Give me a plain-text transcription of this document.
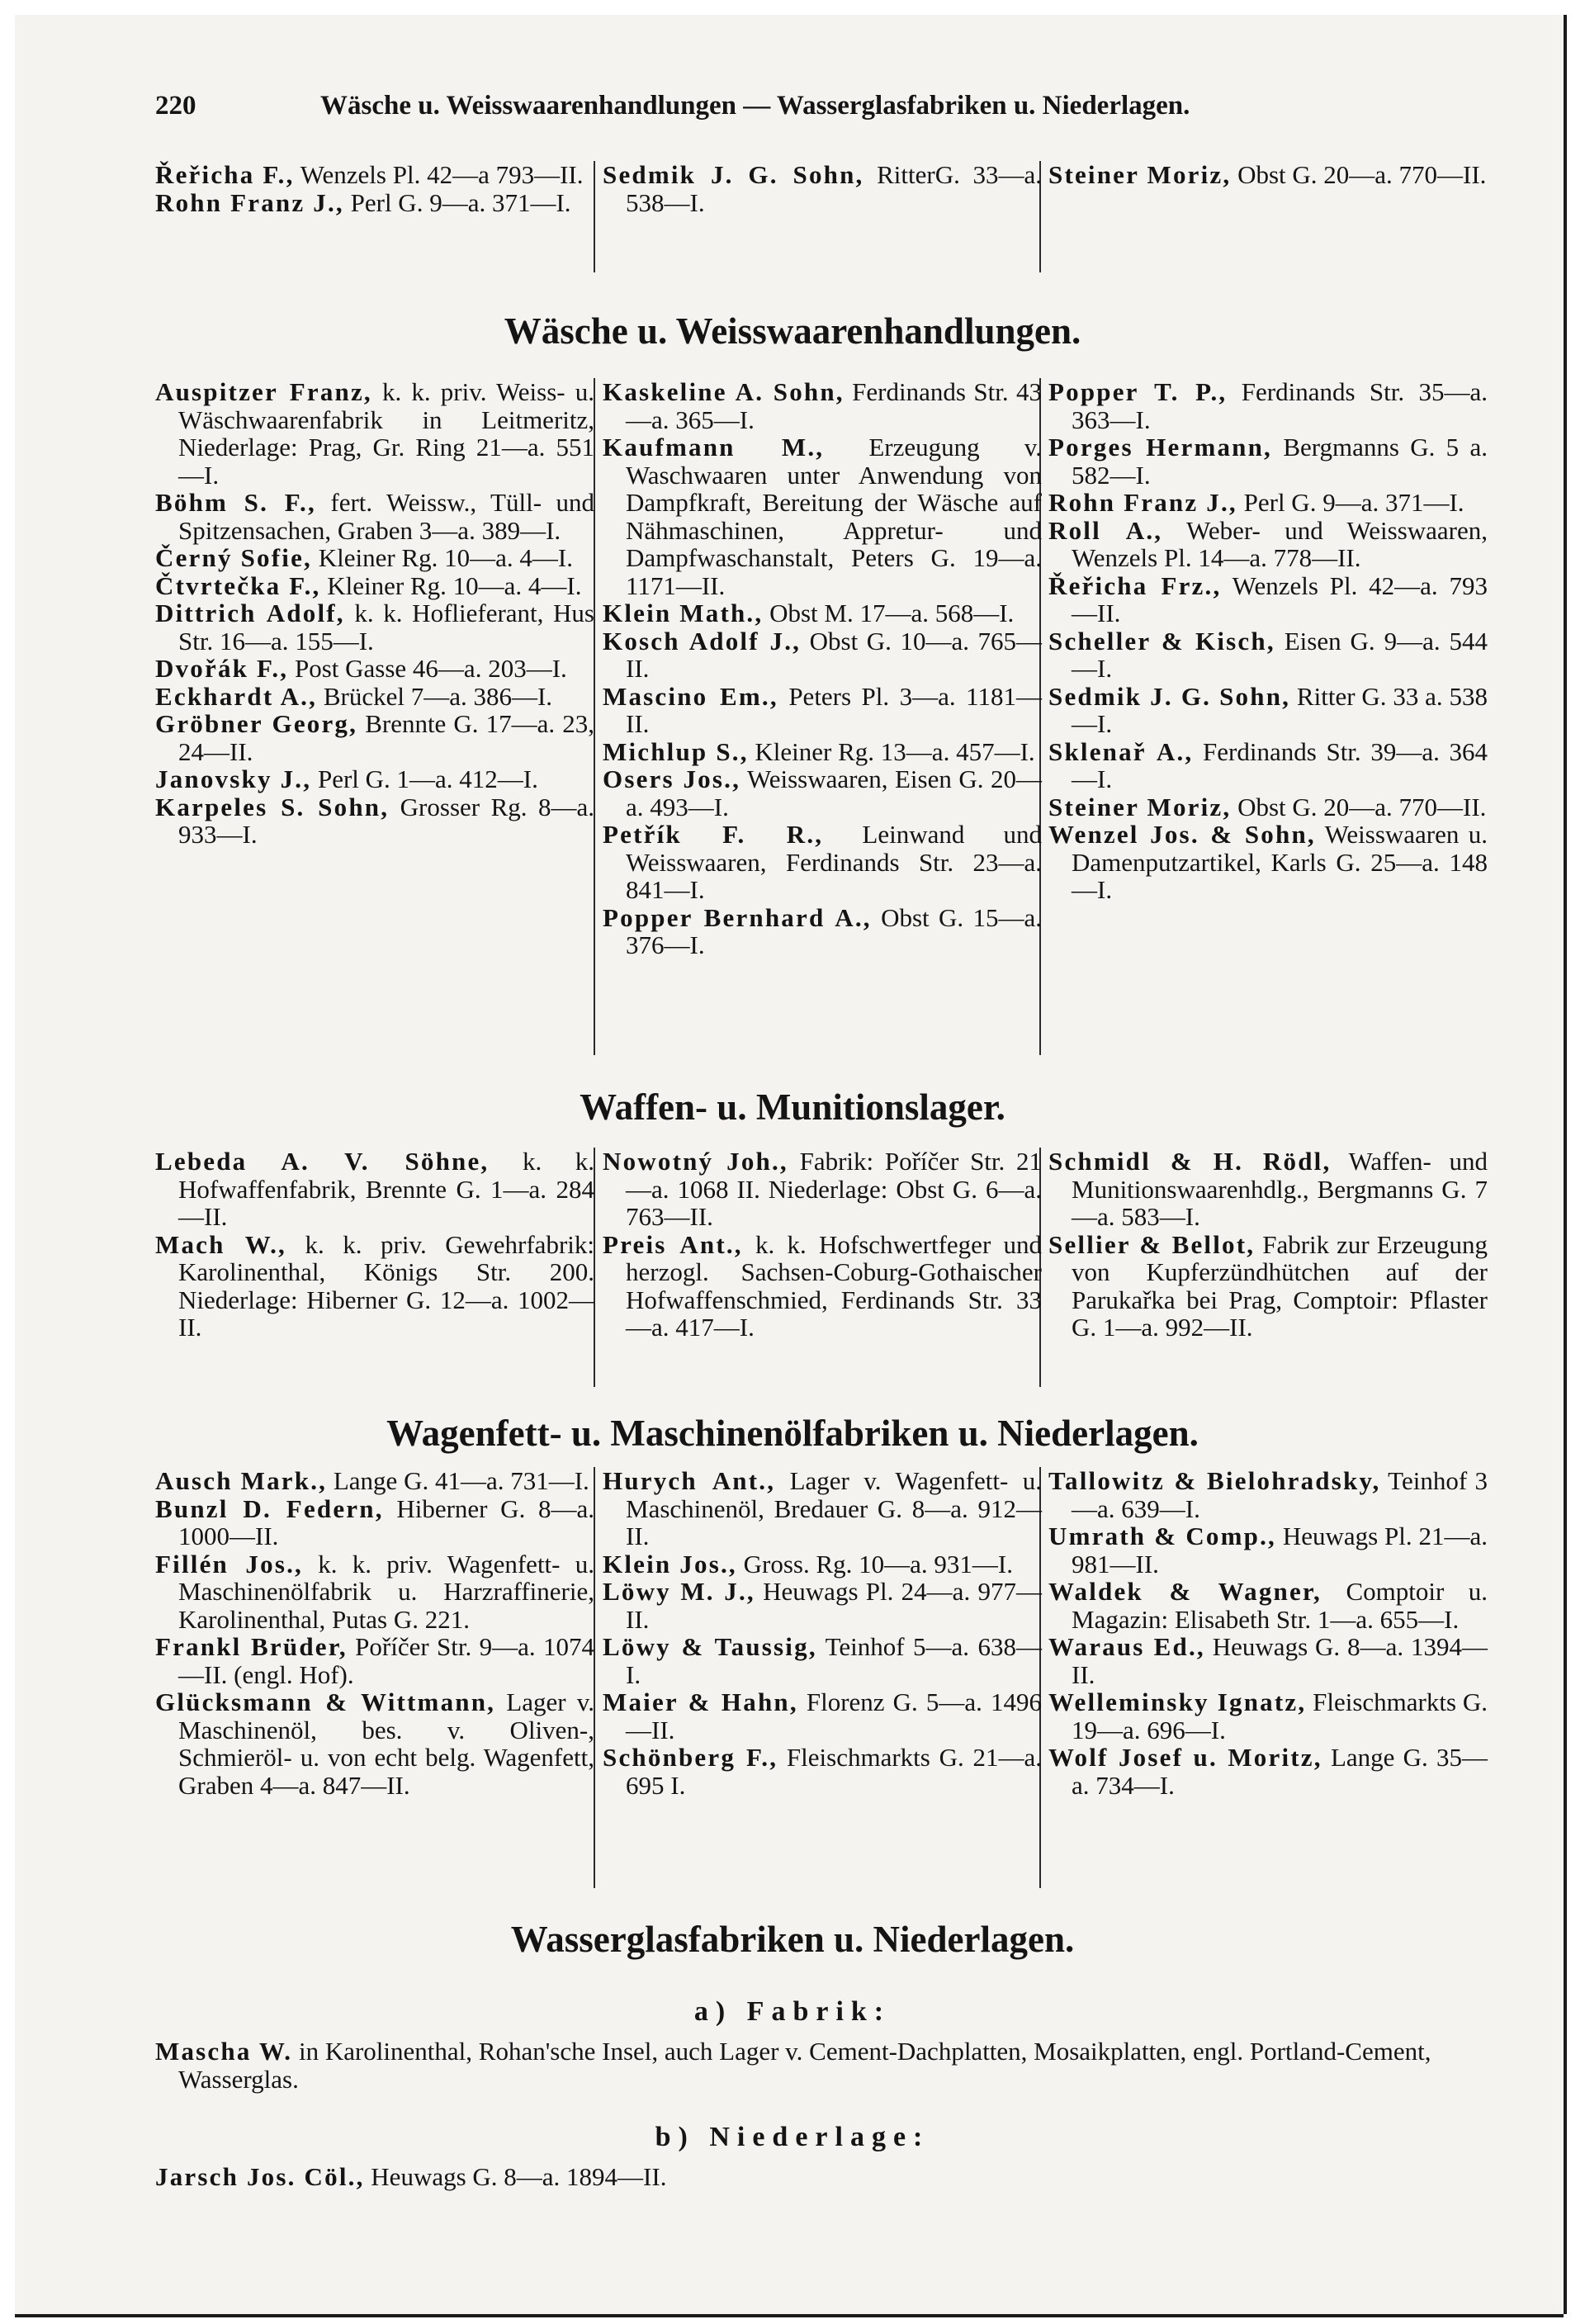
220	Wäsche u. Weisswaarenhandlungen — Wasserglasfabriken u. Niederlagen.
Řeřicha F., Wenzels Pl. 42—a 793—II.
Rohn Franz J., Perl G. 9—a. 371—I.
Sedmik J. G. Sohn, RitterG. 33—a. 538—I.
Steiner Moriz, Obst G. 20—a. 770—II.
Wäsche u. Weisswaarenhandlungen.
Auspitzer Franz, k. k. priv. Weiss- u. Wäschwaarenfabrik in Leitmeritz, Niederlage: Prag, Gr. Ring 21—a. 551—I.
Böhm S. F., fert. Weissw., Tüll- und Spitzensachen, Graben 3—a. 389—I.
Černý Sofie, Kleiner Rg. 10—a. 4—I.
Čtvrtečka F., Kleiner Rg. 10—a. 4—I.
Dittrich Adolf, k. k. Hoflieferant, Hus Str. 16—a. 155—I.
Dvořák F., Post Gasse 46—a. 203—I.
Eckhardt A., Brückel 7—a. 386—I.
Gröbner Georg, Brennte G. 17—a. 23, 24—II.
Janovsky J., Perl G. 1—a. 412—I.
Karpeles S. Sohn, Grosser Rg. 8—a. 933—I.
Kaskeline A. Sohn, Ferdinands Str. 43—a. 365—I.
Kaufmann M., Erzeugung v. Waschwaaren unter Anwendung von Dampfkraft, Bereitung der Wäsche auf Nähmaschinen, Appretur- und Dampfwaschanstalt, Peters G. 19—a. 1171—II.
Klein Math., Obst M. 17—a. 568—I.
Kosch Adolf J., Obst G. 10—a. 765—II.
Mascino Em., Peters Pl. 3—a. 1181—II.
Michlup S., Kleiner Rg. 13—a. 457—I.
Osers Jos., Weisswaaren, Eisen G. 20—a. 493—I.
Petřík F. R., Leinwand und Weisswaaren, Ferdinands Str. 23—a. 841—I.
Popper Bernhard A., Obst G. 15—a. 376—I.
Popper T. P., Ferdinands Str. 35—a. 363—I.
Porges Hermann, Bergmanns G. 5 a. 582—I.
Rohn Franz J., Perl G. 9—a. 371—I.
Roll A., Weber- und Weisswaaren, Wenzels Pl. 14—a. 778—II.
Řeřicha Frz., Wenzels Pl. 42—a. 793—II.
Scheller & Kisch, Eisen G. 9—a. 544—I.
Sedmik J. G. Sohn, Ritter G. 33 a. 538—I.
Sklenař A., Ferdinands Str. 39—a. 364—I.
Steiner Moriz, Obst G. 20—a. 770—II.
Wenzel Jos. & Sohn, Weisswaaren u. Damenputzartikel, Karls G. 25—a. 148—I.
Waffen- u. Munitionslager.
Lebeda A. V. Söhne, k. k. Hofwaffenfabrik, Brennte G. 1—a. 284—II.
Mach W., k. k. priv. Gewehrfabrik: Karolinenthal, Königs Str. 200. Niederlage: Hiberner G. 12—a. 1002—II.
Nowotný Joh., Fabrik: Poříčer Str. 21—a. 1068 II. Niederlage: Obst G. 6—a. 763—II.
Preis Ant., k. k. Hofschwertfeger und herzogl. Sachsen-Coburg-Gothaischer Hofwaffenschmied, Ferdinands Str. 33—a. 417—I.
Schmidl & H. Rödl, Waffen- und Munitionswaarenhdlg., Bergmanns G. 7—a. 583—I.
Sellier & Bellot, Fabrik zur Erzeugung von Kupferzündhütchen auf der Parukařka bei Prag, Comptoir: Pflaster G. 1—a. 992—II.
Wagenfett- u. Maschinenölfabriken u. Niederlagen.
Ausch Mark., Lange G. 41—a. 731—I.
Bunzl D. Federn, Hiberner G. 8—a. 1000—II.
Fillén Jos., k. k. priv. Wagenfett- u. Maschinenölfabrik u. Harzraffinerie, Karolinenthal, Putas G. 221.
Frankl Brüder, Poříčer Str. 9—a. 1074—II. (engl. Hof).
Glücksmann & Wittmann, Lager v. Maschinenöl, bes. v. Oliven-, Schmieröl- u. von echt belg. Wagenfett, Graben 4—a. 847—II.
Hurych Ant., Lager v. Wagenfett- u. Maschinenöl, Bredauer G. 8—a. 912—II.
Klein Jos., Gross. Rg. 10—a. 931—I.
Löwy M. J., Heuwags Pl. 24—a. 977—II.
Löwy & Taussig, Teinhof 5—a. 638—I.
Maier & Hahn, Florenz G. 5—a. 1496—II.
Schönberg F., Fleischmarkts G. 21—a. 695 I.
Tallowitz & Bielohradsky, Teinhof 3—a. 639—I.
Umrath & Comp., Heuwags Pl. 21—a. 981—II.
Waldek & Wagner, Comptoir u. Magazin: Elisabeth Str. 1—a. 655—I.
Waraus Ed., Heuwags G. 8—a. 1394—II.
Welleminsky Ignatz, Fleischmarkts G. 19—a. 696—I.
Wolf Josef u. Moritz, Lange G. 35—a. 734—I.
Wasserglasfabriken u. Niederlagen.
a) Fabrik:
Mascha W. in Karolinenthal, Rohan'sche Insel, auch Lager v. Cement-Dachplatten, Mosaikplatten, engl. Portland-Cement, Wasserglas.
b) Niederlage:
Jarsch Jos. Cöl., Heuwags G. 8—a. 1894—II.
